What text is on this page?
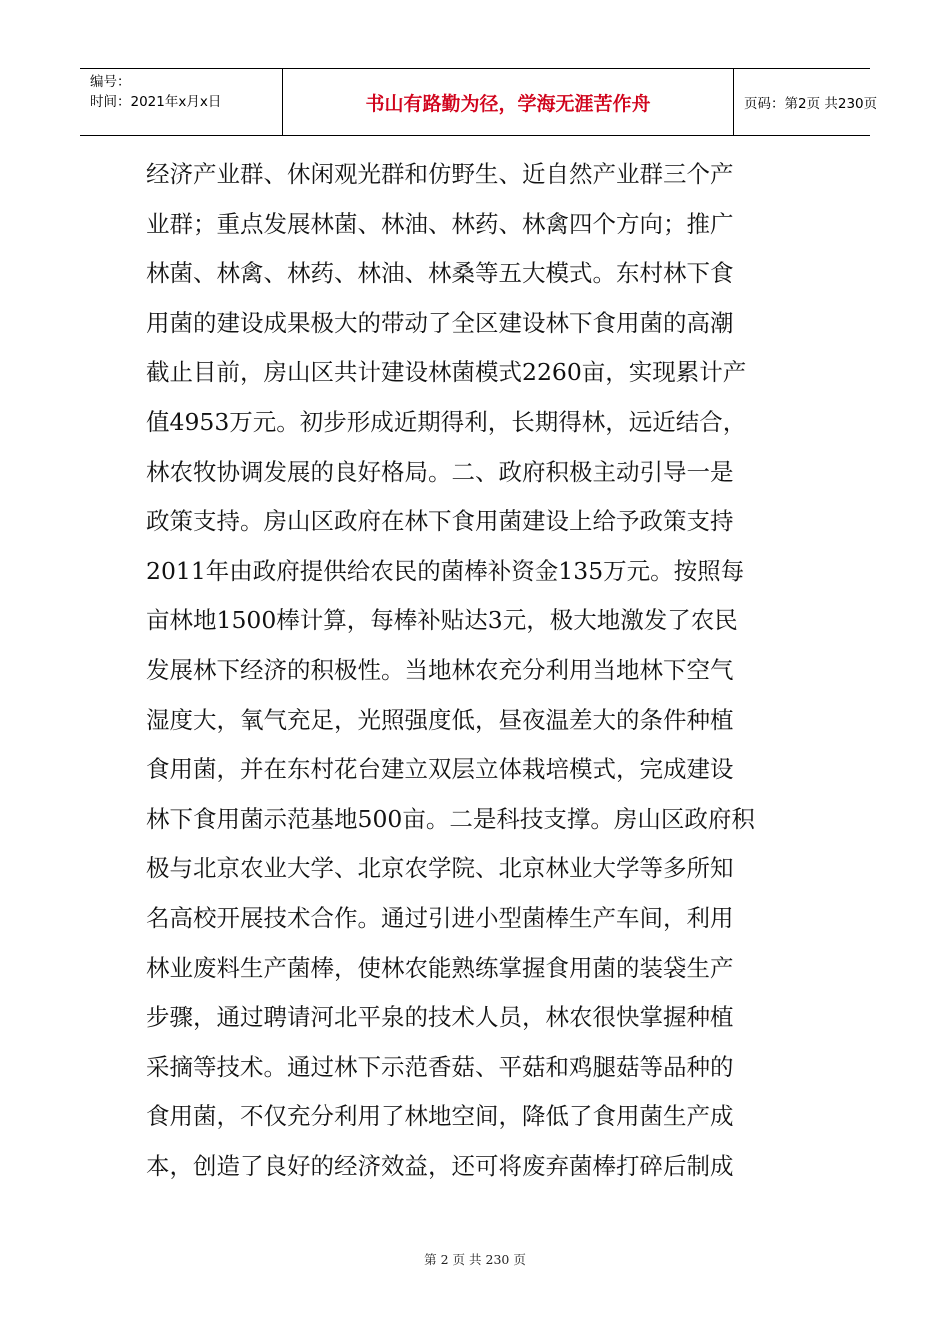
编号：
时间：2021年x月x日	书山有路勤为径，学海无涯苦作舟	页码：第2页 共230页
经济产业群、休闲观光群和仿野生、近自然产业群三个产
业群；重点发展林菌、林油、林药、林禽四个方向；推广
林菌、林禽、林药、林油、林桑等五大模式。东村林下食
用菌的建设成果极大的带动了全区建设林下食用菌的高潮
截止目前，房山区共计建设林菌模式2260亩，实现累计产
值4953万元。初步形成近期得利，长期得林，远近结合，
林农牧协调发展的良好格局。二、政府积极主动引导一是
政策支持。房山区政府在林下食用菌建设上给予政策支持
2011年由政府提供给农民的菌棒补资金135万元。按照每
亩林地1500棒计算，每棒补贴达3元，极大地激发了农民
发展林下经济的积极性。当地林农充分利用当地林下空气
湿度大，氧气充足，光照强度低，昼夜温差大的条件种植
食用菌，并在东村花台建立双层立体栽培模式，完成建设
林下食用菌示范基地500亩。二是科技支撑。房山区政府积
极与北京农业大学、北京农学院、北京林业大学等多所知
名高校开展技术合作。通过引进小型菌棒生产车间，利用
林业废料生产菌棒，使林农能熟练掌握食用菌的装袋生产
步骤，通过聘请河北平泉的技术人员，林农很快掌握种植
采摘等技术。通过林下示范香菇、平菇和鸡腿菇等品种的
食用菌，不仅充分利用了林地空间，降低了食用菌生产成
本，创造了良好的经济效益，还可将废弃菌棒打碎后制成
第 2 页 共 230 页
